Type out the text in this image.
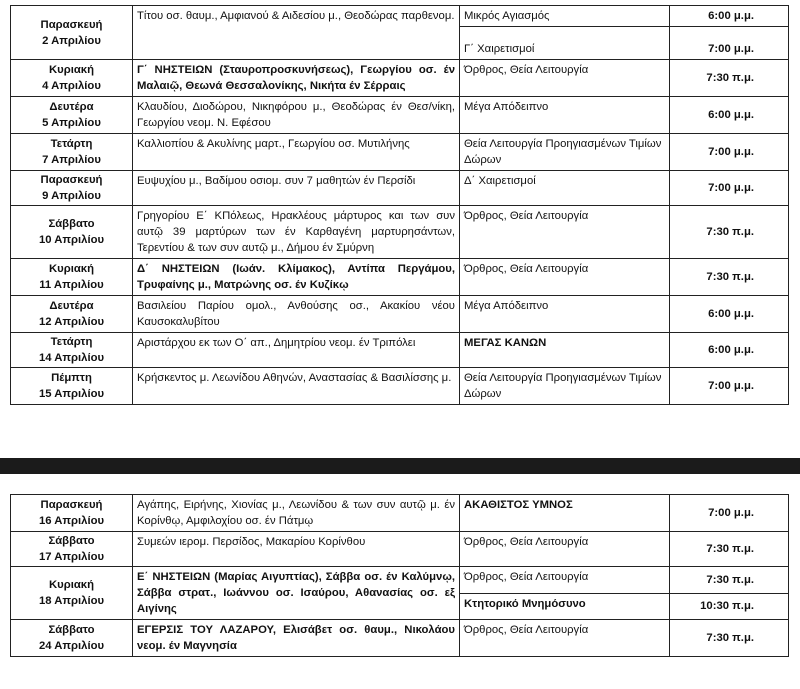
Παρασκευή
2 Απριλίου	Τίτου οσ. θαυμ., Αμφιανού & Αιδεσίου μ., Θεοδώρας παρθενομ.	Μικρός Αγιασμός	6:00 μ.μ.
		Γ΄ Χαιρετισμοί	7:00 μ.μ.

Κυριακή
4 Απριλίου	Γ΄ ΝΗΣΤΕΙΩΝ (Σταυροπροσκυνήσεως), Γεωργίου οσ. έν Μαλαιῷ, Θεωνά Θεσσαλονίκης, Νικήτα έν Σέρραις	Όρθρος, Θεία Λειτουργία	7:30 π.μ.

Δευτέρα
5 Απριλίου	Κλαυδίου, Διοδώρου, Νικηφόρου μ., Θεοδώρας έν Θεσ/νίκη, Γεωργίου νεομ. Ν. Εφέσου	Μέγα Απόδειπνο	6:00 μ.μ.

Τετάρτη
7 Απριλίου	Καλλιοπίου & Ακυλίνης μαρτ., Γεωργίου οσ. Μυτιλήνης	Θεία Λειτουργία Προηγιασμένων Τιμίων Δώρων	7:00 μ.μ.

Παρασκευή
9 Απριλίου	Ευψυχίου μ., Βαδίμου οσιομ. συν 7 μαθητών έν Περσίδι	Δ΄ Χαιρετισμοί	7:00 μ.μ.

Σάββατο
10 Απριλίου	Γρηγορίου Ε΄ ΚΠόλεως, Ηρακλέους μάρτυρος και των συν αυτῷ 39 μαρτύρων των έν Καρθαγένη μαρτυρησάντων, Τερεντίου & των συν αυτῷ μ., Δήμου έν Σμύρνη	Όρθρος, Θεία Λειτουργία	7:30 π.μ.

Κυριακή
11 Απριλίου	Δ΄ ΝΗΣΤΕΙΩΝ (Ιωάν. Κλίμακος), Αντίπα Περγάμου, Τρυφαίνης μ., Ματρώνης οσ. έν Κυζίκῳ	Όρθρος, Θεία Λειτουργία	7:30 π.μ.

Δευτέρα
12 Απριλίου	Βασιλείου Παρίου ομολ., Ανθούσης οσ., Ακακίου νέου Καυσοκαλυβίτου	Μέγα Απόδειπνο	6:00 μ.μ.

Τετάρτη
14 Απριλίου	Αριστάρχου εκ των Ο΄ απ., Δημητρίου νεομ. έν Τριπόλει	ΜΕΓΑΣ ΚΑΝΩΝ	6:00 μ.μ.

Πέμπτη
15 Απριλίου	Κρήσκεντος μ. Λεωνίδου Αθηνών, Αναστασίας & Βασιλίσσης μ.	Θεία Λειτουργία Προηγιασμένων Τιμίων Δώρων	7:00 μ.μ.
Παρασκευή
16 Απριλίου	Αγάπης, Ειρήνης, Χιονίας μ., Λεωνίδου & των συν αυτῷ μ. έν Κορίνθῳ, Αμφιλοχίου οσ. έν Πάτμῳ	ΑΚΑΘΙΣΤΟΣ ΥΜΝΟΣ	7:00 μ.μ.

Σάββατο
17 Απριλίου	Συμεών ιερομ. Περσίδος, Μακαρίου Κορίνθου	Όρθρος, Θεία Λειτουργία	7:30 π.μ.

Κυριακή
18 Απριλίου	Ε΄ ΝΗΣΤΕΙΩΝ (Μαρίας Αιγυπτίας), Σάββα οσ. έν Καλύμνῳ, Σάββα στρατ., Ιωάννου οσ. Ισαύρου, Αθανασίας οσ. εξ Αιγίνης	Όρθρος, Θεία Λειτουργία	7:30 π.μ.
		Κτητορικό Μνημόσυνο	10:30 π.μ.

Σάββατο
24 Απριλίου	ΕΓΕΡΣΙΣ ΤΟΥ ΛΑΖΑΡΟΥ, Ελισάβετ οσ. θαυμ., Νικολάου νεομ. έν Μαγνησία	Όρθρος, Θεία Λειτουργία	7:30 π.μ.
